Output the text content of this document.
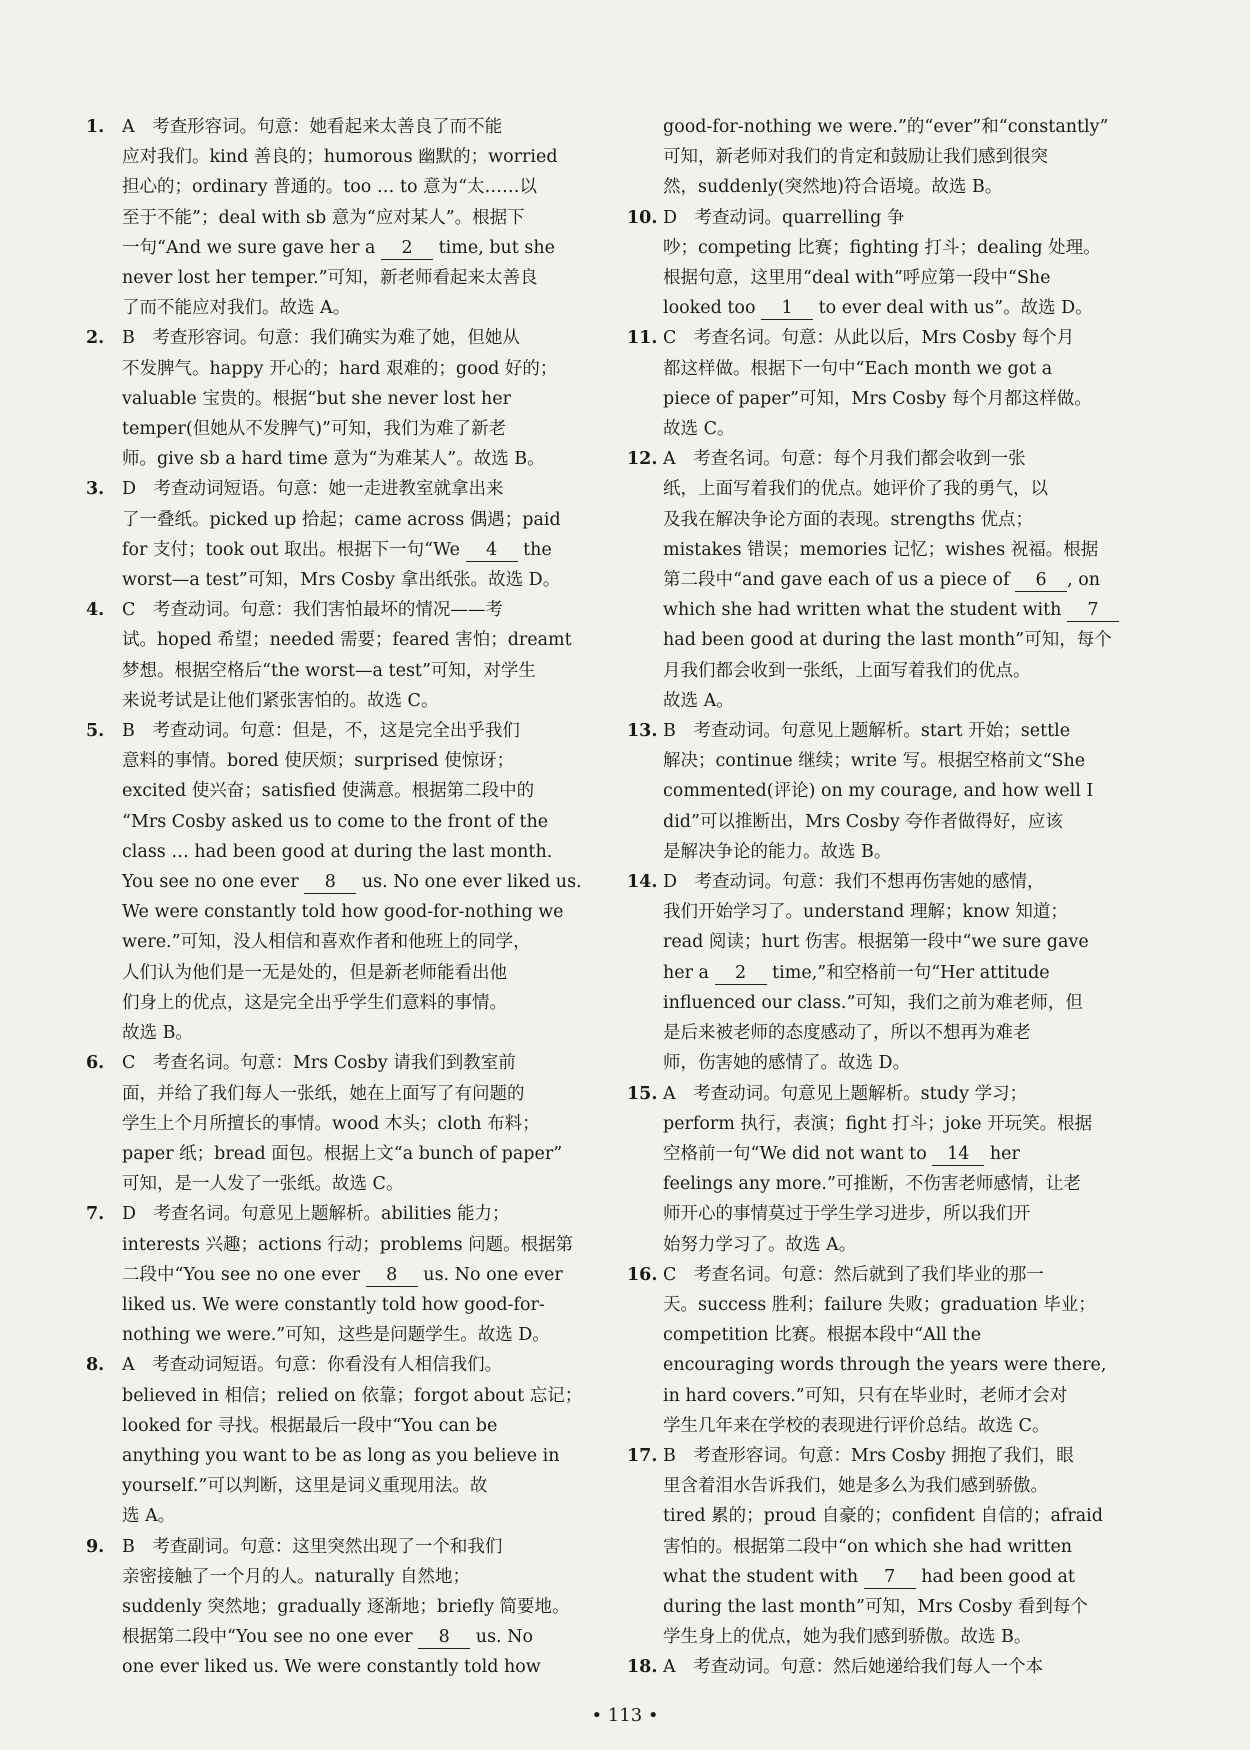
1. A　考查形容词。句意：她看起来太善良了而不能
应对我们。kind 善良的；humorous 幽默的；worried
担心的；ordinary 普通的。too … to 意为“太……以
至于不能”；deal with sb 意为“应对某人”。根据下
一句“And we sure gave her a 2 time, but she
never lost her temper.”可知，新老师看起来太善良
了而不能应对我们。故选 A。
2. B　考查形容词。句意：我们确实为难了她，但她从
不发脾气。happy 开心的；hard 艰难的；good 好的；
valuable 宝贵的。根据“but she never lost her
temper(但她从不发脾气)”可知，我们为难了新老
师。give sb a hard time 意为“为难某人”。故选 B。
3. D　考查动词短语。句意：她一走进教室就拿出来
了一叠纸。picked up 拾起；came across 偶遇；paid
for 支付；took out 取出。根据下一句“We 4 the
worst—a test”可知，Mrs Cosby 拿出纸张。故选 D。
4. C　考查动词。句意：我们害怕最坏的情况——考
试。hoped 希望；needed 需要；feared 害怕；dreamt
梦想。根据空格后“the worst—a test”可知，对学生
来说考试是让他们紧张害怕的。故选 C。
5. B　考查动词。句意：但是，不，这是完全出乎我们
意料的事情。bored 使厌烦；surprised 使惊讶；
excited 使兴奋；satisfied 使满意。根据第二段中的
“Mrs Cosby asked us to come to the front of the
class … had been good at during the last month.
You see no one ever 8 us. No one ever liked us.
We were constantly told how good-for-nothing we
were.”可知，没人相信和喜欢作者和他班上的同学，
人们认为他们是一无是处的，但是新老师能看出他
们身上的优点，这是完全出乎学生们意料的事情。
故选 B。
6. C　考查名词。句意：Mrs Cosby 请我们到教室前
面，并给了我们每人一张纸，她在上面写了有问题的
学生上个月所擅长的事情。wood 木头；cloth 布料；
paper 纸；bread 面包。根据上文“a bunch of paper”
可知，是一人发了一张纸。故选 C。
7. D　考查名词。句意见上题解析。abilities 能力；
interests 兴趣；actions 行动；problems 问题。根据第
二段中“You see no one ever 8 us. No one ever
liked us. We were constantly told how good-for-
nothing we were.”可知，这些是问题学生。故选 D。
8. A　考查动词短语。句意：你看没有人相信我们。
believed in 相信；relied on 依靠；forgot about 忘记；
looked for 寻找。根据最后一段中“You can be
anything you want to be as long as you believe in
yourself.”可以判断，这里是词义重现用法。故
选 A。
9. B　考查副词。句意：这里突然出现了一个和我们
亲密接触了一个月的人。naturally 自然地；
suddenly 突然地；gradually 逐渐地；briefly 简要地。
根据第二段中“You see no one ever 8 us. No
one ever liked us. We were constantly told how
good-for-nothing we were.”的“ever”和“constantly”
可知，新老师对我们的肯定和鼓励让我们感到很突
然，suddenly(突然地)符合语境。故选 B。
10. D　考查动词。quarrelling 争
吵；competing 比赛；fighting 打斗；dealing 处理。
根据句意，这里用“deal with”呼应第一段中“She
looked too 1 to ever deal with us”。故选 D。
11. C　考查名词。句意：从此以后，Mrs Cosby 每个月
都这样做。根据下一句中“Each month we got a
piece of paper”可知，Mrs Cosby 每个月都这样做。
故选 C。
12. A　考查名词。句意：每个月我们都会收到一张
纸，上面写着我们的优点。她评价了我的勇气，以
及我在解决争论方面的表现。strengths 优点；
mistakes 错误；memories 记忆；wishes 祝福。根据
第二段中“and gave each of us a piece of 6 , on
which she had written what the student with 7
had been good at during the last month”可知，每个
月我们都会收到一张纸，上面写着我们的优点。
故选 A。
13. B　考查动词。句意见上题解析。start 开始；settle
解决；continue 继续；write 写。根据空格前文“She
commented(评论) on my courage, and how well I
did”可以推断出，Mrs Cosby 夸作者做得好，应该
是解决争论的能力。故选 B。
14. D　考查动词。句意：我们不想再伤害她的感情，
我们开始学习了。understand 理解；know 知道；
read 阅读；hurt 伤害。根据第一段中“we sure gave
her a 2 time,”和空格前一句“Her attitude
influenced our class.”可知，我们之前为难老师，但
是后来被老师的态度感动了，所以不想再为难老
师，伤害她的感情了。故选 D。
15. A　考查动词。句意见上题解析。study 学习；
perform 执行，表演；fight 打斗；joke 开玩笑。根据
空格前一句“We did not want to 14 her
feelings any more.”可推断，不伤害老师感情，让老
师开心的事情莫过于学生学习进步，所以我们开
始努力学习了。故选 A。
16. C　考查名词。句意：然后就到了我们毕业的那一
天。success 胜利；failure 失败；graduation 毕业；
competition 比赛。根据本段中“All the
encouraging words through the years were there,
in hard covers.”可知，只有在毕业时，老师才会对
学生几年来在学校的表现进行评价总结。故选 C。
17. B　考查形容词。句意：Mrs Cosby 拥抱了我们，眼
里含着泪水告诉我们，她是多么为我们感到骄傲。
tired 累的；proud 自豪的；confident 自信的；afraid
害怕的。根据第二段中“on which she had written
what the student with 7 had been good at
during the last month”可知，Mrs Cosby 看到每个
学生身上的优点，她为我们感到骄傲。故选 B。
18. A　考查动词。句意：然后她递给我们每人一个本
• 113 •
